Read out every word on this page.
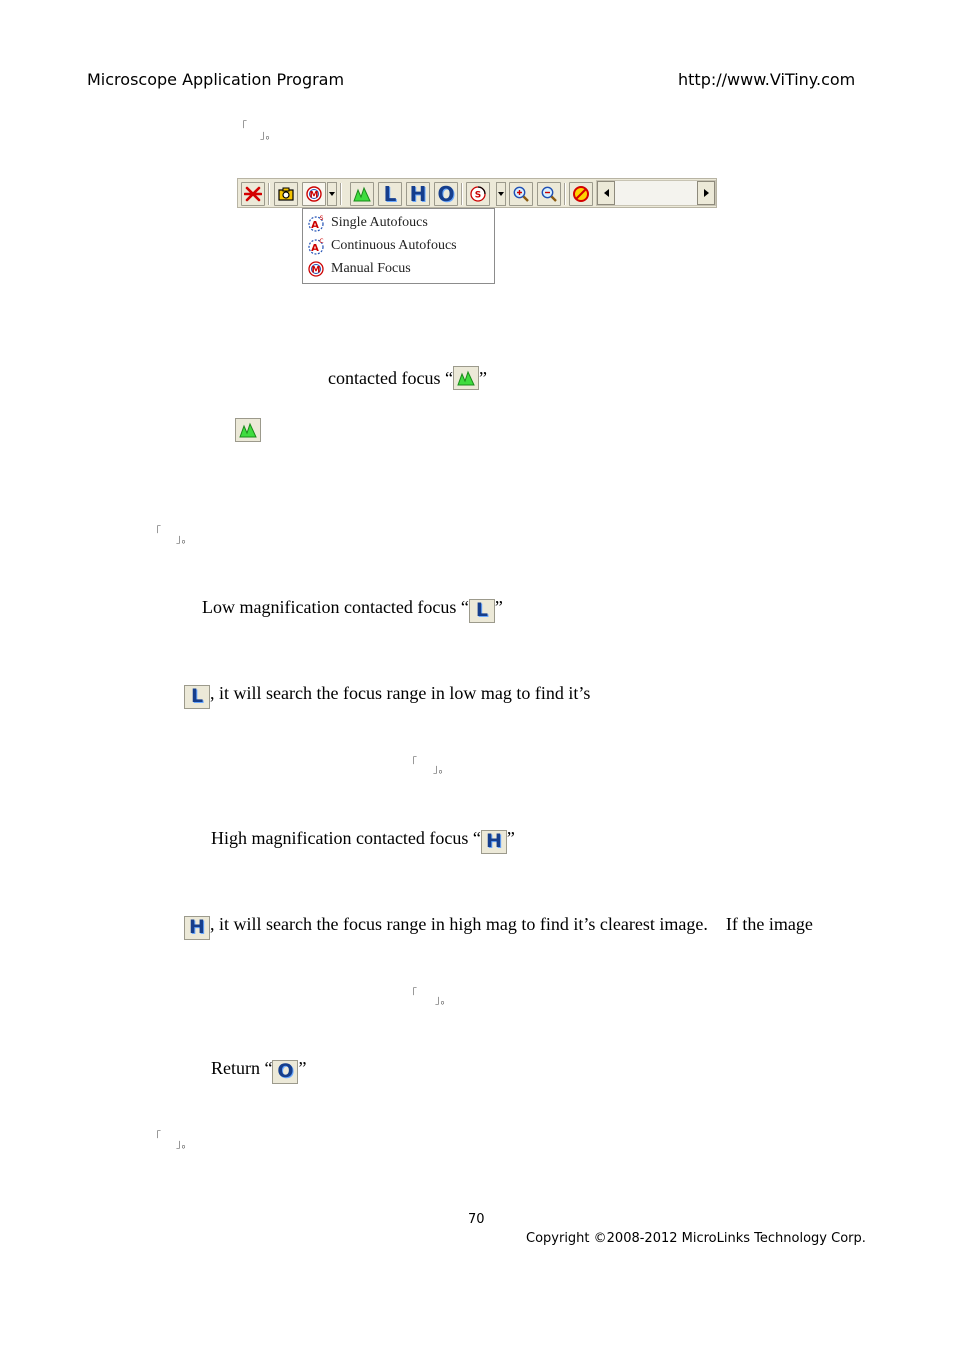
Microscope Application Program	http://www.ViTiny.com
「
」。
M	L H O S
A
S Single Autofoucs
A
C Continuous Autofoucs
M Manual Focus
contacted focus “ ”
「
」。
Low magnification contacted focus “ L ”
L , it will search the focus range in low mag to find it’s
「 」。
High magnification contacted focus “ H ”
H , it will search the focus range in high mag to find it’s clearest image.    If the image
「 」。
Return “ O ”
「
」。
70
Copyright ©2008-2012 MicroLinks Technology Corp.
